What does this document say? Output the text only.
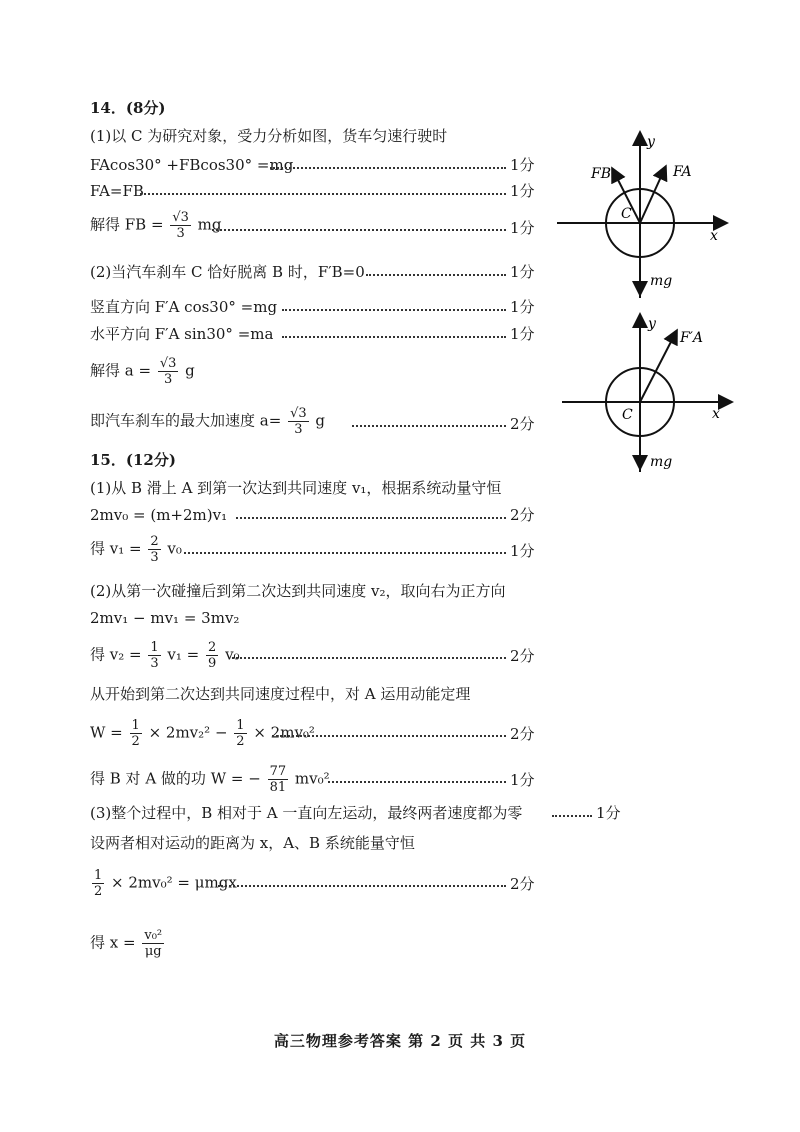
14．(8分)
(1)以 C 为研究对象，受力分析如图，货车匀速行驶时
FAcos30° +FBcos30° =mg	1分
FA=FB	1分
解得 FB = $\frac{√3}{3}$ mg	1分
(2)当汽车刹车 C 恰好脱离 B 时，F′B=0	1分
竖直方向 F′A cos30° =mg	1分
水平方向 F′A sin30° =ma	1分
解得 $a = \frac{√3}{3}$ g
即汽车刹车的最大加速度 $a= \frac{√3}{3}$ g	2分
15．(12分)
(1)从 B 滑上 A 到第一次达到共同速度 v₁，根据系统动量守恒
2mv₀ = (m+2m)v₁	2分
得 $v_1 = \frac{2}{3} v_0$	1分
(2)从第一次碰撞后到第二次达到共同速度 v₂，取向右为正方向
2mv₁ − mv₁ = 3mv₂
得 $v_2 = \frac{1}{3} v_1 = \frac{2}{9} v_0$	2分
从开始到第二次达到共同速度过程中，对 A 运用动能定理
$W = \frac{1}{2} \times 2mv_2^2 - \frac{1}{2} \times 2mv_0^2$	2分
得 B 对 A 做的功 W = − $\frac{77}{81} mv_0^2$	1分
(3)整个过程中，B 相对于 A 一直向左运动，最终两者速度都为零	1分
设两者相对运动的距离为 x，A、B 系统能量守恒
$\frac{1}{2} \times 2mv_0^2 = \mu mgx$	2分
得 $x = \frac{\text{v₀²}}{\mu g}$
FB	FA
y
x
C
mg
F′A
y
x
C
mg
高三物理参考答案 第 2 页 共 3 页
